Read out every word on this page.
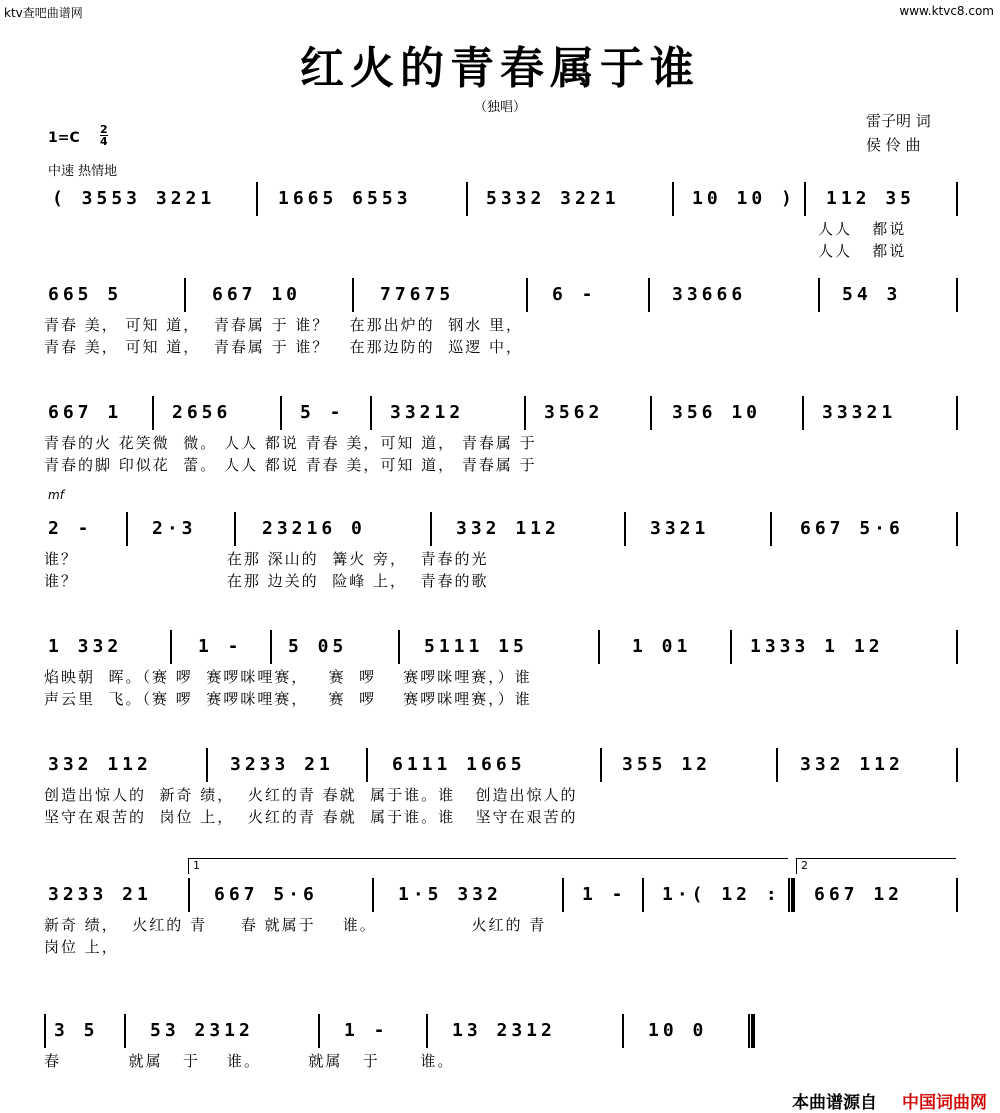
ktv查吧曲谱网	www.ktvc8.com
红火的青春属于谁
（独唱）
$1=C \frac{2}{4}$
中速 热情地
雷子明 词
侯 伶 曲
( 3553 3221	1665 6553	5332 3221	10 10 ) 112 35
人人   都说
人人   都说
665 5	667 10	77675	6 -	33666	54 3
青春 美， 可知 道，  青春属 于 谁？   在那出炉的  钢水 里，
青春 美， 可知 道，  青春属 于 谁？   在那边防的  巡逻 中，
667 1	2656	5 -	33212	3562	356 10	33321
青春的火 花笑微  微。 人人 都说 青春 美，可知 道， 青春属 于
青春的脚 印似花  蕾。 人人 都说 青春 美，可知 道， 青春属 于
mf
2 -	2·3	23216 0	332 112	3321	667 5·6
谁？                      在那 深山的  篝火 旁，  青春的光
谁？                      在那 边关的  险峰 上，  青春的歌
1 332	1 -	5 05	5111 15	1 01	1333 1 12
焰映朝  晖。（赛 啰  赛啰咪哩赛，   赛  啰    赛啰咪哩赛，）谁
声云里  飞。（赛 啰  赛啰咪哩赛，   赛  啰    赛啰咪哩赛，）谁
332 112	3233 21	6111 1665	355 12	332 112
创造出惊人的  新奇 绩，  火红的青 春就  属于谁。谁   创造出惊人的
坚守在艰苦的  岗位 上，  火红的青 春就  属于谁。谁   坚守在艰苦的
1	2
3233 21	667 5·6	1·5 332	1 - 1·( 12 : 667 12
新奇 绩，  火红的 青     春 就属于    谁。              火红的 青
岗位 上，
3 5	53 2312	1 -	13 2312	10 0
春          就属   于    谁。       就属   于      谁。
本曲谱源自 中国词曲网
